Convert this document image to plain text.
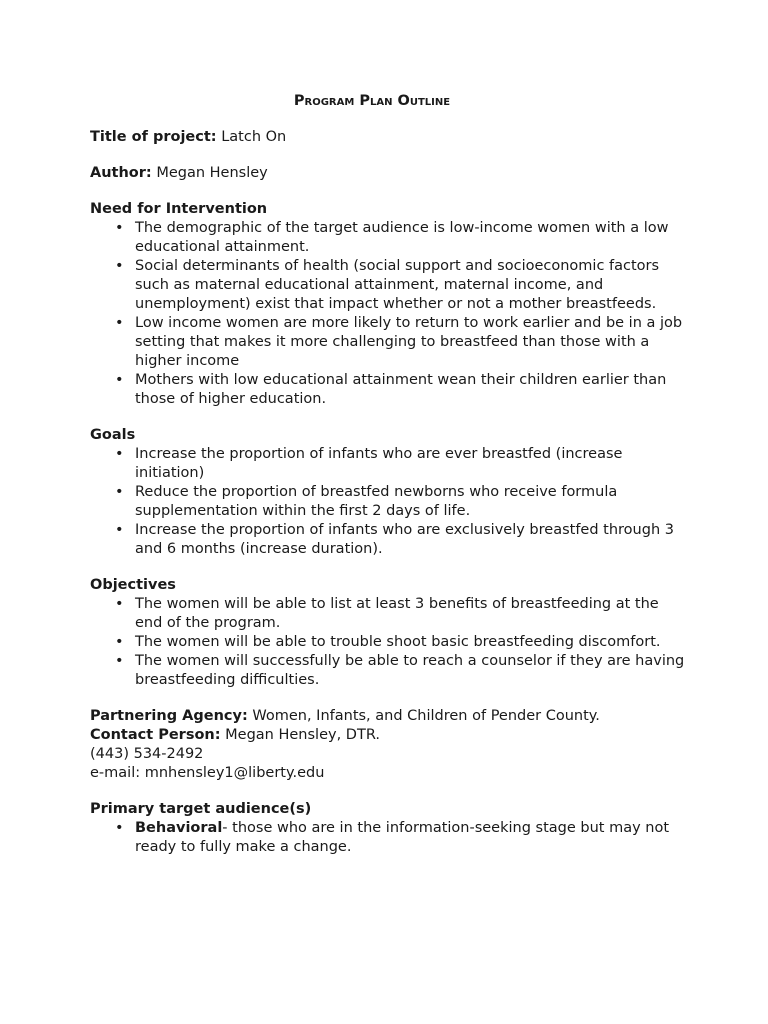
Program Plan Outline
Title of project: Latch On
Author: Megan Hensley
Need for Intervention
• The demographic of the target audience is low-income women with a low educational attainment.
• Social determinants of health (social support and socioeconomic factors such as maternal educational attainment, maternal income, and unemployment) exist that impact whether or not a mother breastfeeds.
• Low income women are more likely to return to work earlier and be in a job setting that makes it more challenging to breastfeed than those with a higher income
• Mothers with low educational attainment wean their children earlier than those of higher education.
Goals
• Increase the proportion of infants who are ever breastfed (increase initiation)
• Reduce the proportion of breastfed newborns who receive formula supplementation within the first 2 days of life.
• Increase the proportion of infants who are exclusively breastfed through 3 and 6 months (increase duration).
Objectives
• The women will be able to list at least 3 benefits of breastfeeding at the end of the program.
• The women will be able to trouble shoot basic breastfeeding discomfort.
• The women will successfully be able to reach a counselor if they are having breastfeeding difficulties.
Partnering Agency: Women, Infants, and Children of Pender County.
Contact Person: Megan Hensley, DTR.
(443) 534-2492
e-mail: mnhensley1@liberty.edu
Primary target audience(s)
• Behavioral- those who are in the information-seeking stage but may not ready to fully make a change.
